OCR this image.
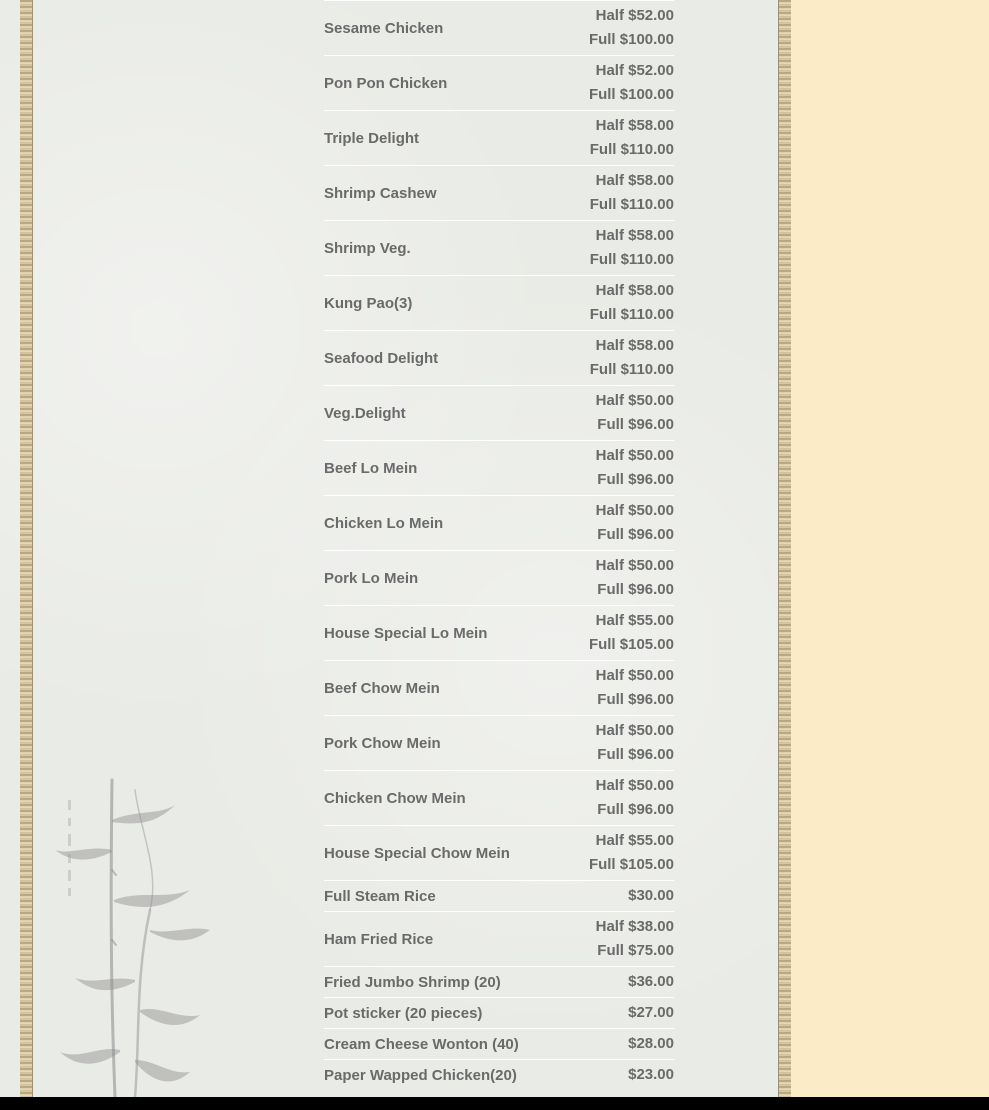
Sesame Chicken
Half $52.00
Full $100.00
Pon Pon Chicken
Half $52.00
Full $100.00
Triple Delight
Half $58.00
Full $110.00
Shrimp Cashew
Half $58.00
Full $110.00
Shrimp Veg.
Half $58.00
Full $110.00
Kung Pao(3)
Half $58.00
Full $110.00
Seafood Delight
Half $58.00
Full $110.00
Veg.Delight
Half $50.00
Full $96.00
Beef Lo Mein
Half $50.00
Full $96.00
Chicken Lo Mein
Half $50.00
Full $96.00
Pork Lo Mein
Half $50.00
Full $96.00
House Special Lo Mein
Half $55.00
Full $105.00
Beef Chow Mein
Half $50.00
Full $96.00
Pork Chow Mein
Half $50.00
Full $96.00
Chicken Chow Mein
Half $50.00
Full $96.00
House Special Chow Mein
Half $55.00
Full $105.00
Full Steam Rice	$30.00
Ham Fried Rice
Half $38.00
Full $75.00
Fried Jumbo Shrimp (20)	$36.00
Pot sticker (20 pieces)	$27.00
Cream Cheese Wonton (40)	$28.00
Paper Wapped Chicken(20)	$23.00
